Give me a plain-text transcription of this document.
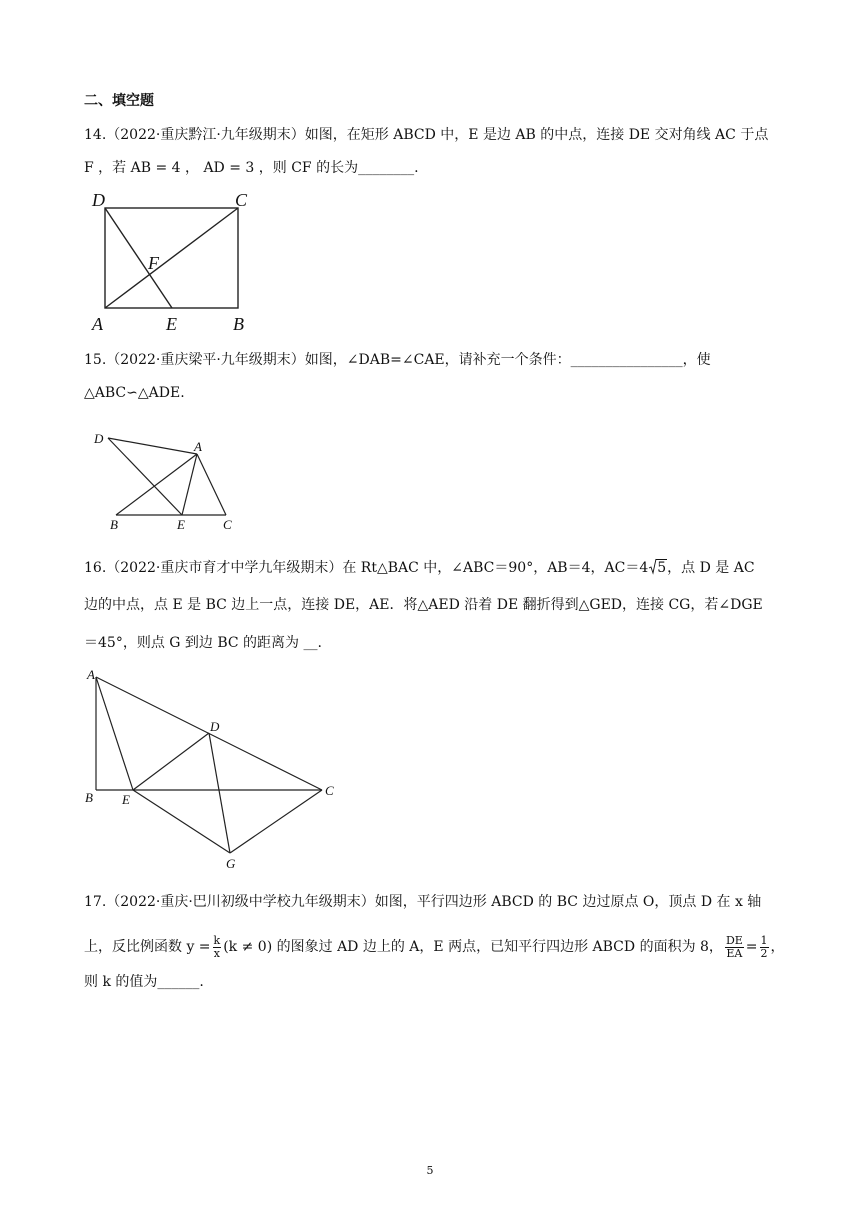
二、填空题
14.（2022·重庆黔江·九年级期末）如图，在矩形 ABCD 中，E 是边 AB 的中点，连接 DE 交对角线 AC 于点
F ，若 AB = 4 ， AD = 3 ，则 CF 的长为________.
D	C
F
A	E	B
15.（2022·重庆梁平·九年级期末）如图，∠DAB=∠CAE，请补充一个条件：________________，使
△ABC∽△ADE.
D
A
B	E	C
16.（2022·重庆市育才中学九年级期末）在 Rt△BAC 中，∠ABC＝90°，AB＝4，AC＝4 5，点 D 是 AC
边的中点，点 E 是 BC 边上一点，连接 DE，AE．将△AED 沿着 DE 翻折得到△GED，连接 CG，若∠DGE
＝45°，则点 G 到边 BC 的距离为 __.
A
D
B E
C
G
17.（2022·重庆·巴川初级中学校九年级期末）如图，平行四边形 ABCD 的 BC 边过原点 O，顶点 D 在 x 轴
上，反比例函数 $y = \frac{k}{x} (k \ne 0)$ 的图象过 AD 边上的 A，E 两点，已知平行四边形 ABCD 的面积为 8， $\frac{DE}{EA} = \frac{1}{2}$ ，
则 k 的值为______.
5
